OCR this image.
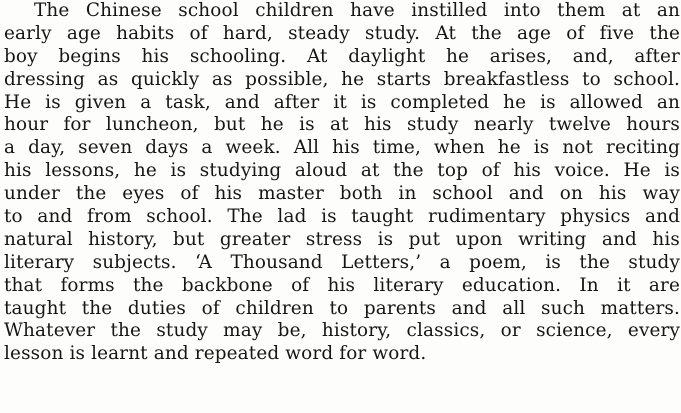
The Chinese school children have instilled into them at an
early age habits of hard, steady study. At the age of five the
boy begins his schooling. At daylight he arises, and, after
dressing as quickly as possible, he starts breakfastless to school.
He is given a task, and after it is completed he is allowed an
hour for luncheon, but he is at his study nearly twelve hours
a day, seven days a week. All his time, when he is not reciting
his lessons, he is studying aloud at the top of his voice. He is
under the eyes of his master both in school and on his way
to and from school. The lad is taught rudimentary physics and
natural history, but greater stress is put upon writing and his
literary subjects. ‘A Thousand Letters,’ a poem, is the study
that forms the backbone of his literary education. In it are
taught the duties of children to parents and all such matters.
Whatever the study may be, history, classics, or science, every
lesson is learnt and repeated word for word.
